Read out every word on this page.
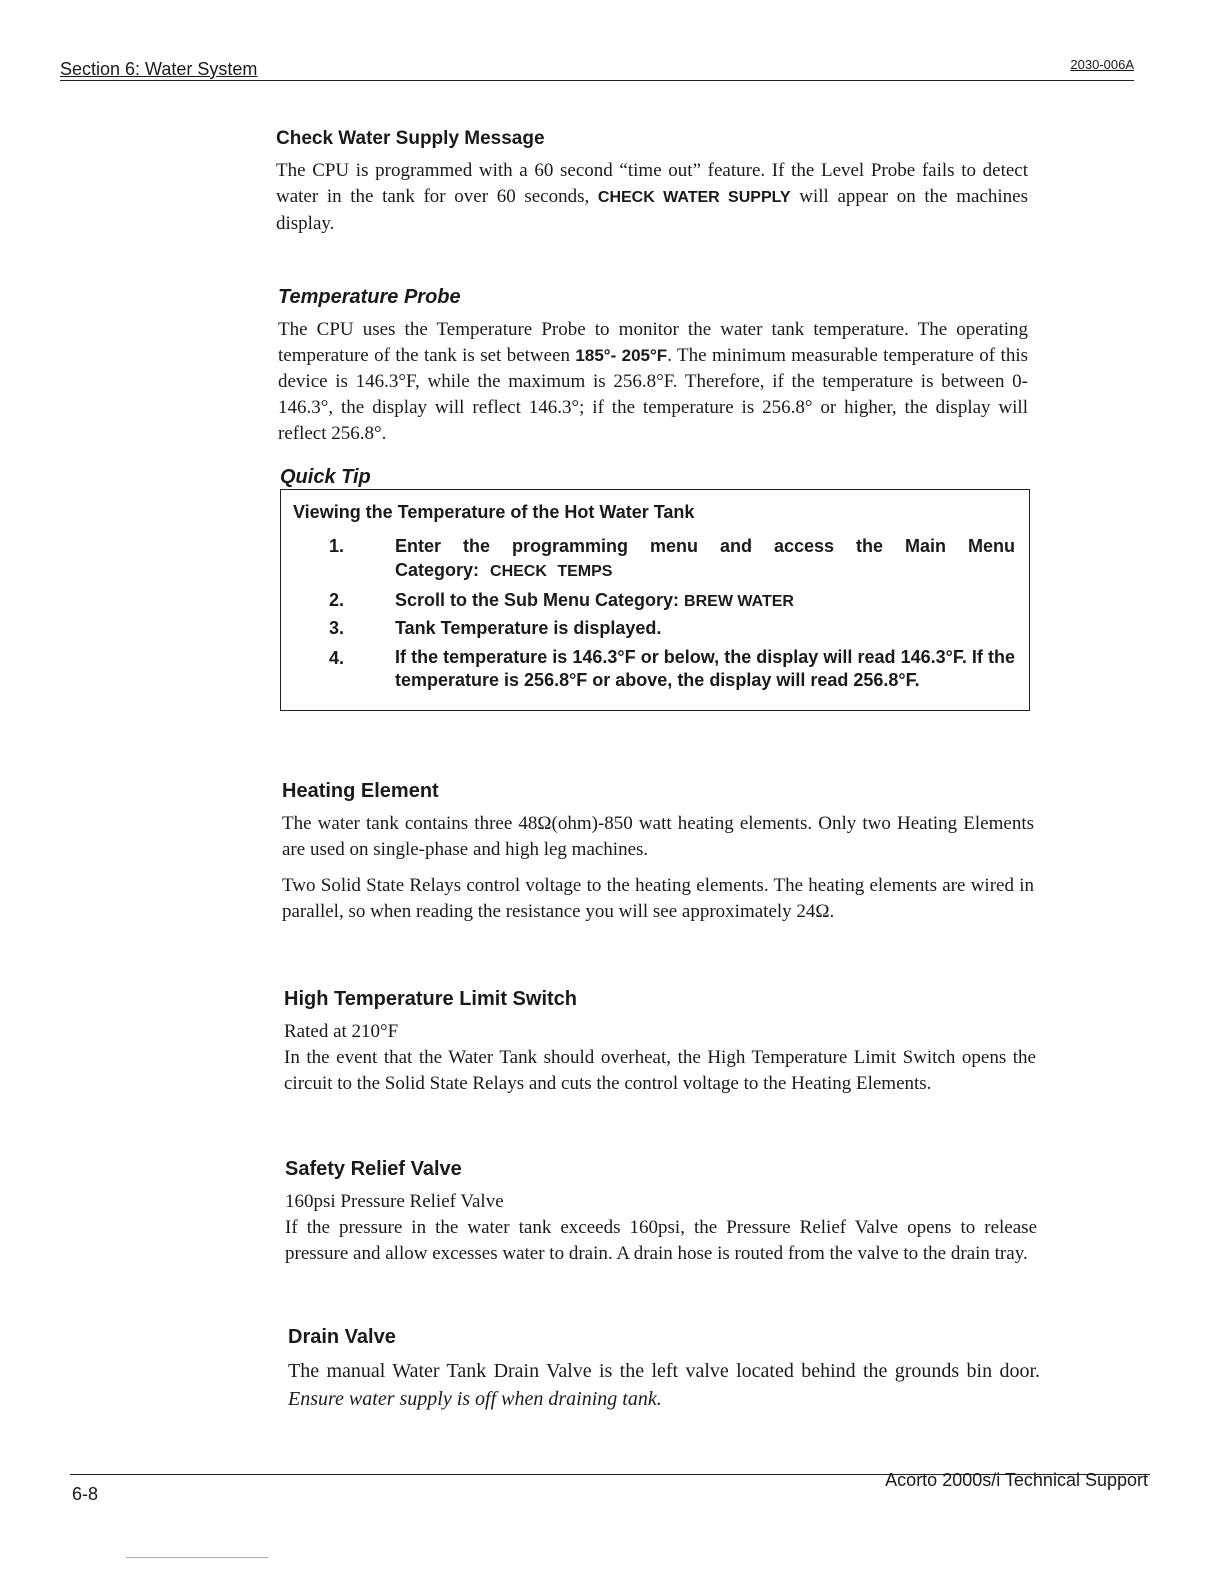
Section 6: Water System	2030-006A
Check Water Supply Message
The CPU is programmed with a 60 second “time out” feature. If the Level Probe fails to detect water in the tank for over 60 seconds, CHECK WATER SUPPLY will appear on the machines display.
Temperature Probe
The CPU uses the Temperature Probe to monitor the water tank temperature. The operating temperature of the tank is set between 185°- 205°F. The minimum measurable temperature of this device is 146.3°F, while the maximum is 256.8°F. Therefore, if the temperature is between 0-146.3°, the display will reflect 146.3°; if the temperature is 256.8° or higher, the display will reflect 256.8°.
Quick Tip
Viewing the Temperature of the Hot Water Tank
1.	Enter the programming menu and access the Main Menu Category: CHECK TEMPS
2.	Scroll to the Sub Menu Category: BREW WATER
3.	Tank Temperature is displayed.
4.	If the temperature is 146.3°F or below, the display will read 146.3°F. If the temperature is 256.8°F or above, the display will read 256.8°F.
Heating Element

The water tank contains three 48Ω(ohm)-850 watt heating elements. Only two Heating Elements are used on single-phase and high leg machines.

Two Solid State Relays control voltage to the heating elements. The heating elements are wired in parallel, so when reading the resistance you will see approximately 24Ω.

High Temperature Limit Switch

Rated at 210°F

In the event that the Water Tank should overheat, the High Temperature Limit Switch opens the circuit to the Solid State Relays and cuts the control voltage to the Heating Elements.

Safety Relief Valve

160psi Pressure Relief Valve

If the pressure in the water tank exceeds 160psi, the Pressure Relief Valve opens to release pressure and allow excesses water to drain. A drain hose is routed from the valve to the drain tray.

Drain Valve
The manual Water Tank Drain Valve is the left valve located behind the grounds bin door. Ensure water supply is off when draining tank.
6-8
Acorto 2000s/i Technical Support
